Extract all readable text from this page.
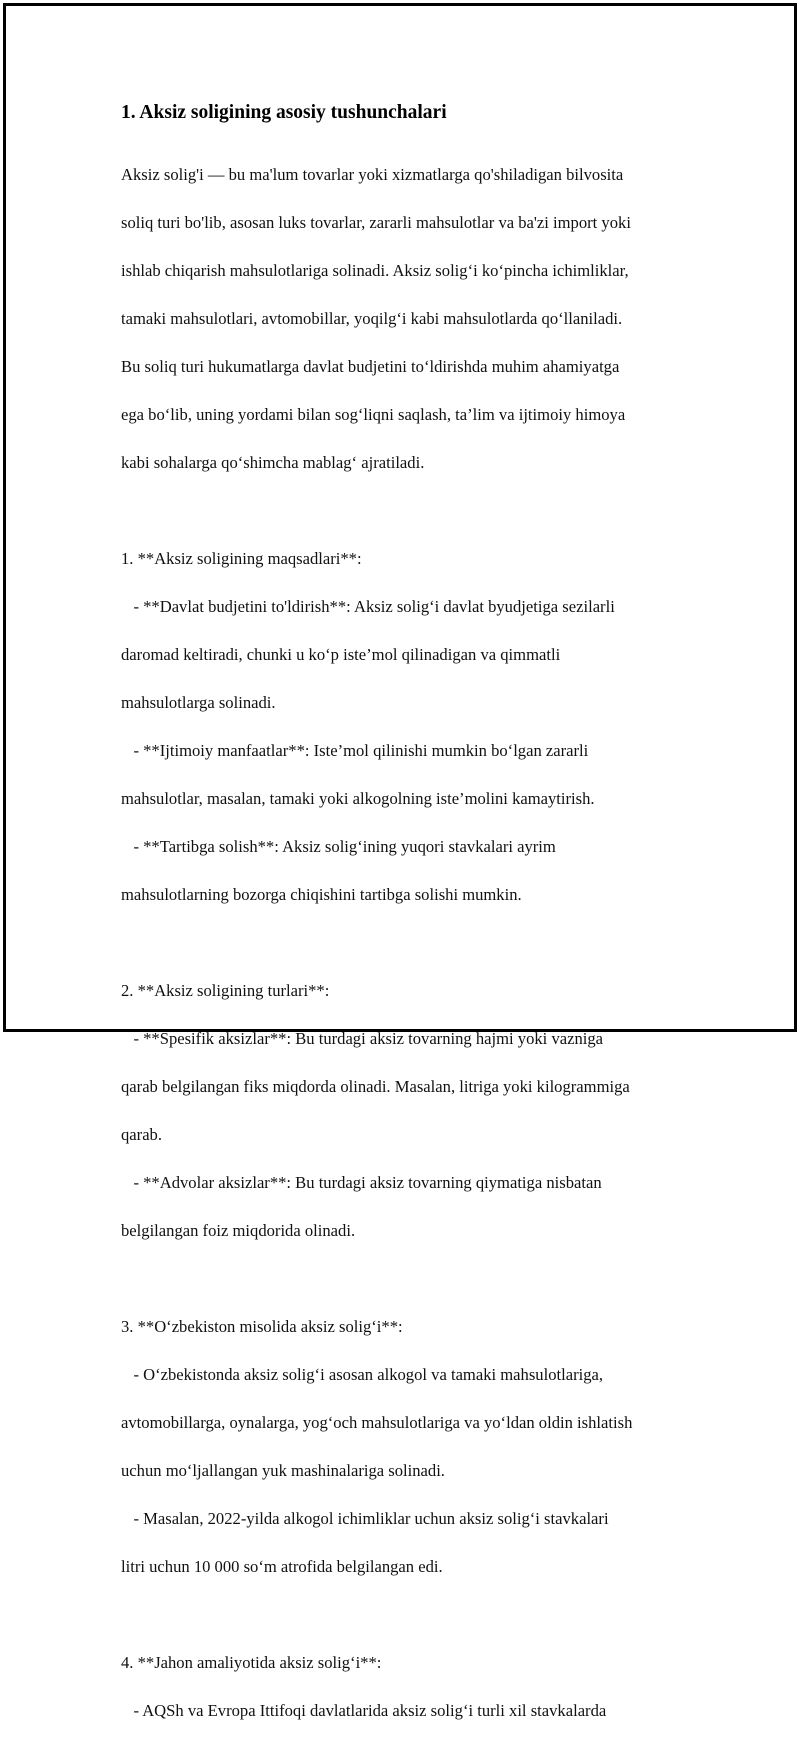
1. Aksiz soligining asosiy tushunchalari

Aksiz solig'i — bu ma'lum tovarlar yoki xizmatlarga qo'shiladigan bilvosita

soliq turi bo'lib, asosan luks tovarlar, zararli mahsulotlar va ba'zi import yoki

ishlab chiqarish mahsulotlariga solinadi. Aksiz solig‘i ko‘pincha ichimliklar,

tamaki mahsulotlari, avtomobillar, yoqilg‘i kabi mahsulotlarda qo‘llaniladi.

Bu soliq turi hukumatlarga davlat budjetini to‘ldirishda muhim ahamiyatga

ega bo‘lib, uning yordami bilan sog‘liqni saqlash, ta’lim va ijtimoiy himoya

kabi sohalarga qo‘shimcha mablag‘ ajratiladi.

1. **Aksiz soligining maqsadlari**:

- **Davlat budjetini to'ldirish**: Aksiz solig‘i davlat byudjetiga sezilarli

daromad keltiradi, chunki u ko‘p iste’mol qilinadigan va qimmatli

mahsulotlarga solinadi.

- **Ijtimoiy manfaatlar**: Iste’mol qilinishi mumkin bo‘lgan zararli

mahsulotlar, masalan, tamaki yoki alkogolning iste’molini kamaytirish.

- **Tartibga solish**: Aksiz solig‘ining yuqori stavkalari ayrim

mahsulotlarning bozorga chiqishini tartibga solishi mumkin.

2. **Aksiz soligining turlari**:

- **Spesifik aksizlar**: Bu turdagi aksiz tovarning hajmi yoki vazniga

qarab belgilangan fiks miqdorda olinadi. Masalan, litriga yoki kilogrammiga

qarab.

- **Advolar aksizlar**: Bu turdagi aksiz tovarning qiymatiga nisbatan

belgilangan foiz miqdorida olinadi.

3. **O‘zbekiston misolida aksiz solig‘i**:

- O‘zbekistonda aksiz solig‘i asosan alkogol va tamaki mahsulotlariga,

avtomobillarga, oynalarga, yog‘och mahsulotlariga va yo‘ldan oldin ishlatish

uchun mo‘ljallangan yuk mashinalariga solinadi.

- Masalan, 2022-yilda alkogol ichimliklar uchun aksiz solig‘i stavkalari

litri uchun 10 000 so‘m atrofida belgilangan edi.

4. **Jahon amaliyotida aksiz solig‘i**:

- AQSh va Evropa Ittifoqi davlatlarida aksiz solig‘i turli xil stavkalarda
